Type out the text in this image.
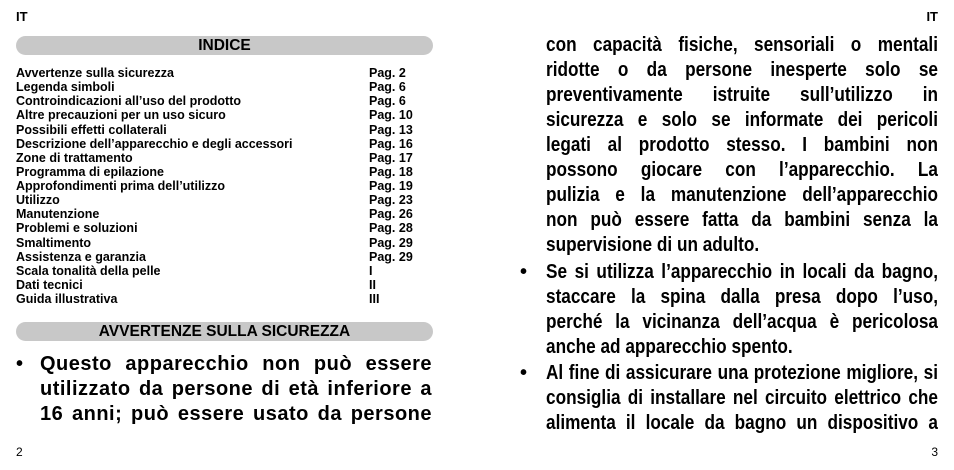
IT
INDICE
Avvertenze sulla sicurezza	Pag. 2
Legenda simboli	Pag. 6
Controindicazioni all’uso del prodotto	Pag. 6
Altre precauzioni per un uso sicuro	Pag. 10
Possibili effetti collaterali	Pag. 13
Descrizione dell’apparecchio e degli accessori	Pag. 16
Zone di trattamento	Pag. 17
Programma di epilazione	Pag. 18
Approfondimenti prima dell’utilizzo	Pag. 19
Utilizzo	Pag. 23
Manutenzione	Pag. 26
Problemi e soluzioni	Pag. 28
Smaltimento	Pag. 29
Assistenza e garanzia	Pag. 29
Scala tonalità della pelle	I
Dati tecnici	II
Guida illustrativa	III
AVVERTENZE SULLA SICUREZZA
• Questo apparecchio non può essere
utilizzato da persone di età inferiore a
16 anni; può essere usato da persone
2
IT
•
•
con capacità fisiche, sensoriali o mentali
ridotte o da persone inesperte solo se
preventivamente istruite sull’utilizzo in
sicurezza e solo se informate dei pericoli
legati al prodotto stesso. I bambini non
possono giocare con l’apparecchio. La
pulizia e la manutenzione dell’apparecchio
non può essere fatta da bambini senza la
supervisione di un adulto.
Se si utilizza l’apparecchio in locali da bagno,
staccare la spina dalla presa dopo l’uso,
perché la vicinanza dell’acqua è pericolosa
anche ad apparecchio spento.
Al fine di assicurare una protezione migliore, si
consiglia di installare nel circuito elettrico che
alimenta il locale da bagno un dispositivo a
3
